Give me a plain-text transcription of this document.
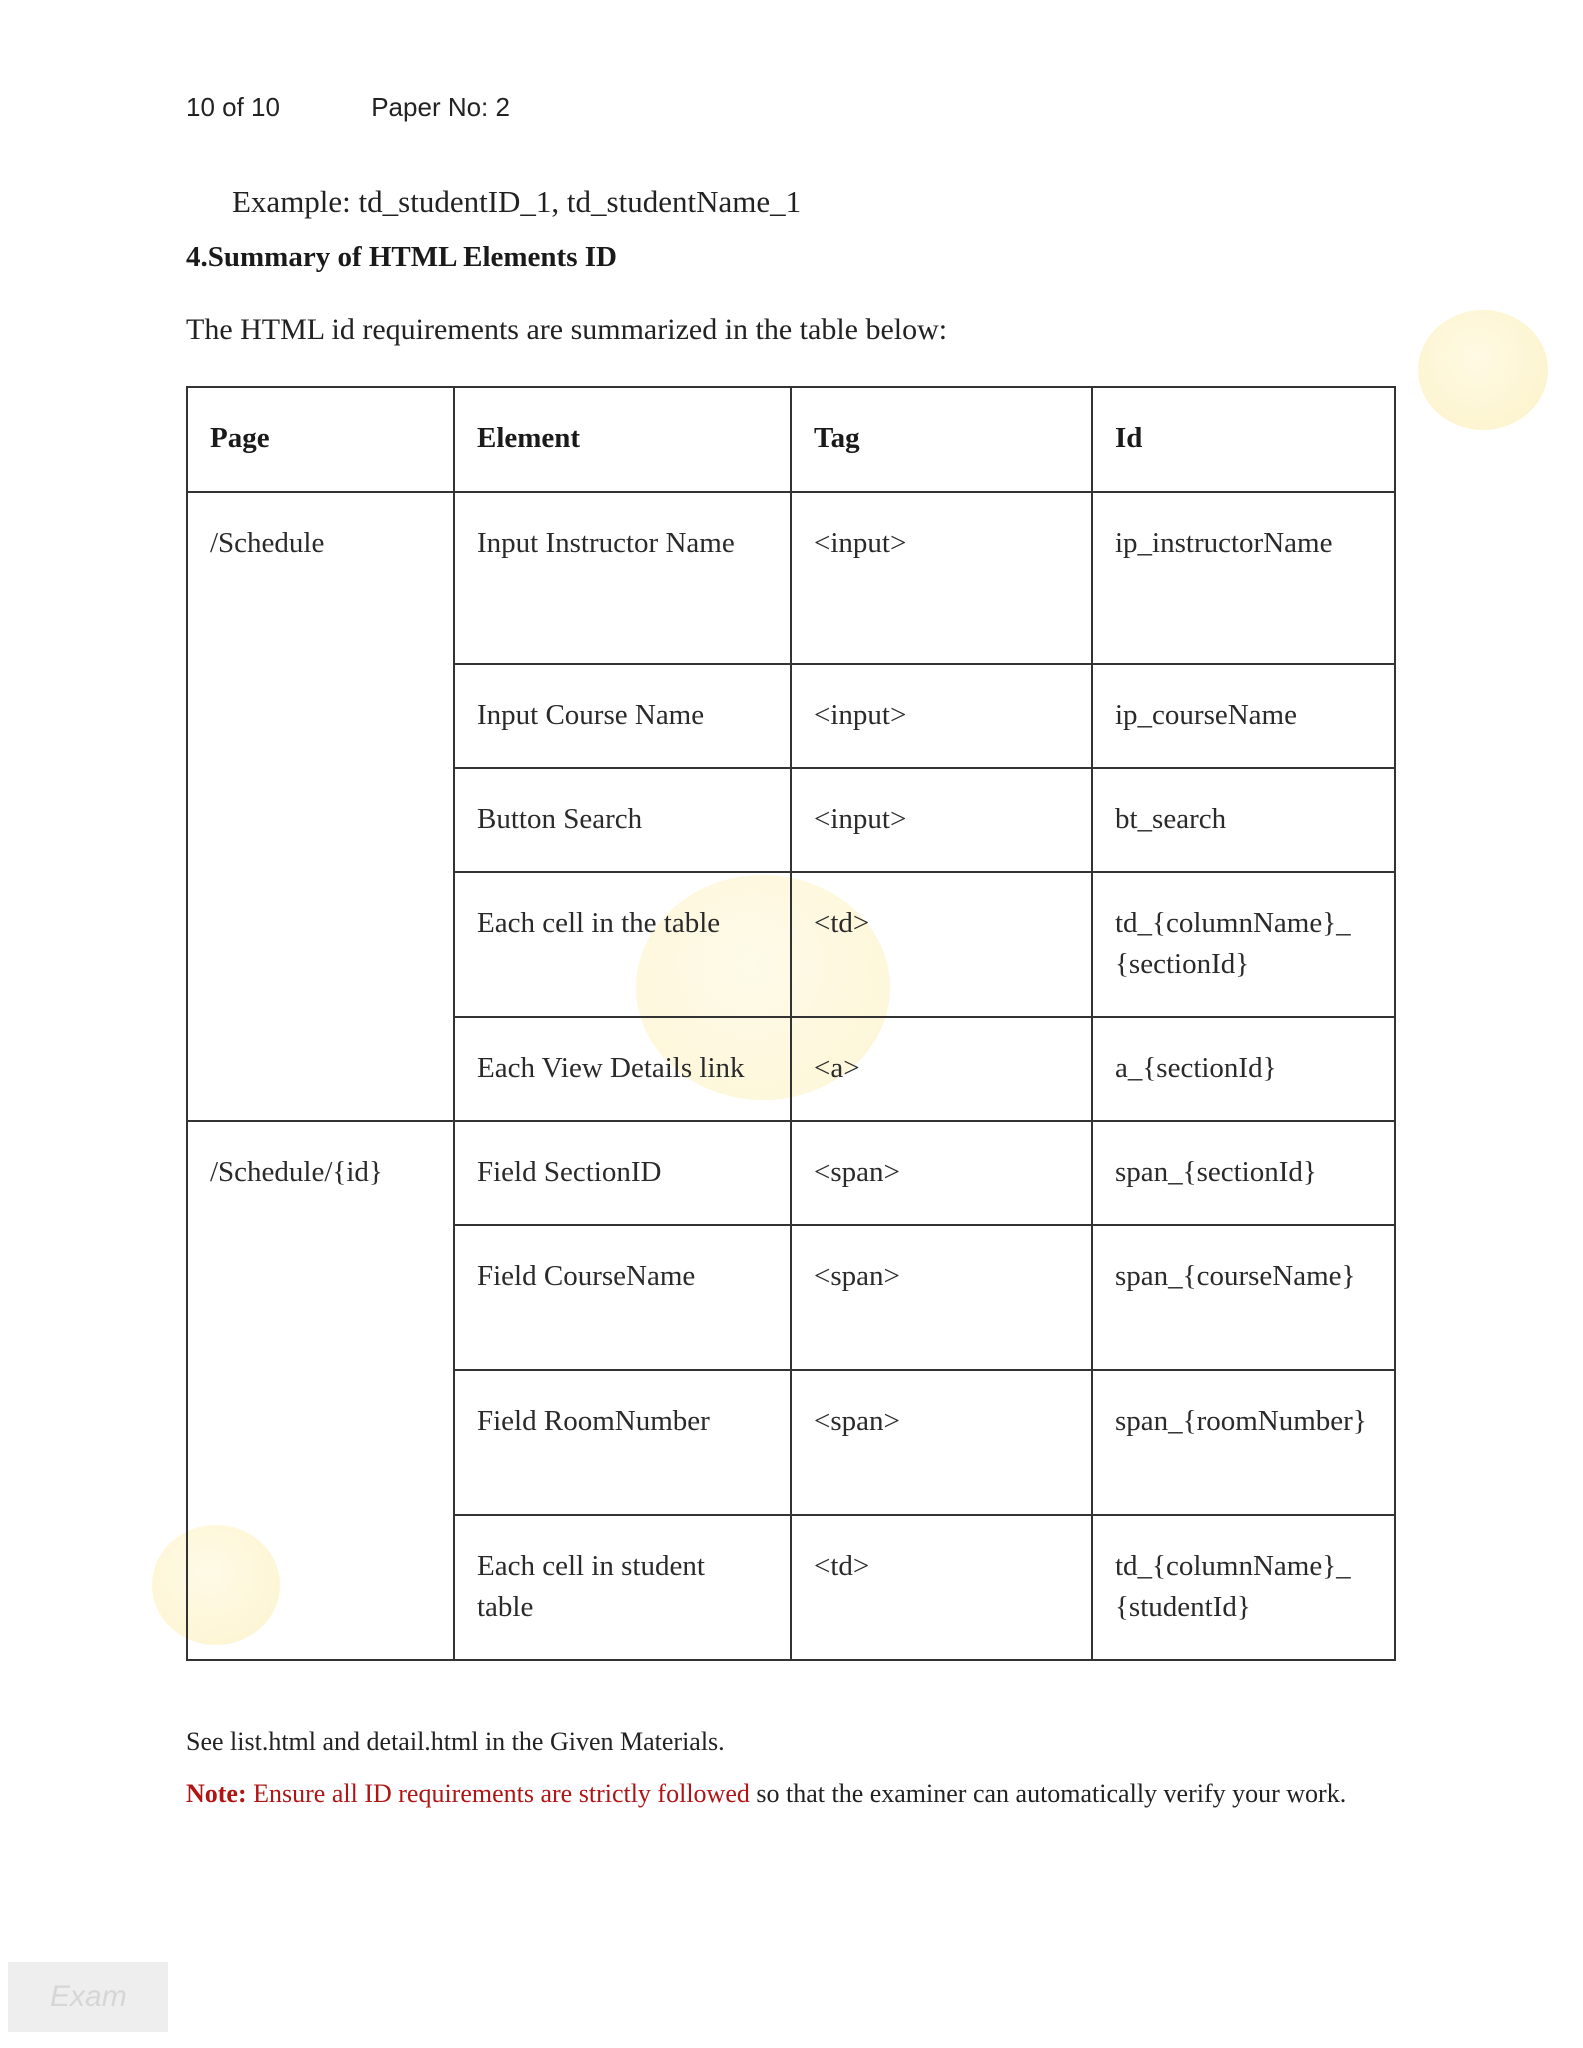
10 of 10	Paper No: 2
Example: td_studentID_1, td_studentName_1
4.Summary of HTML Elements ID
The HTML id requirements are summarized in the table below:
Page	Element	Tag	Id
/Schedule	Input Instructor Name	<input>	ip_instructorName
	Input Course Name	<input>	ip_courseName
	Button Search	<input>	bt_search
	Each cell in the table	<td>	td_{columnName}_{sectionId}
	Each View Details link	<a>	a_{sectionId}
/Schedule/{id}	Field SectionID	<span>	span_{sectionId}
	Field CourseName	<span>	span_{courseName}
	Field RoomNumber	<span>	span_{roomNumber}
	Each cell in student table	<td>	td_{columnName}_{studentId}
See list.html and detail.html in the Given Materials.
Note: Ensure all ID requirements are strictly followed so that the examiner can automatically verify your work.
Exam
